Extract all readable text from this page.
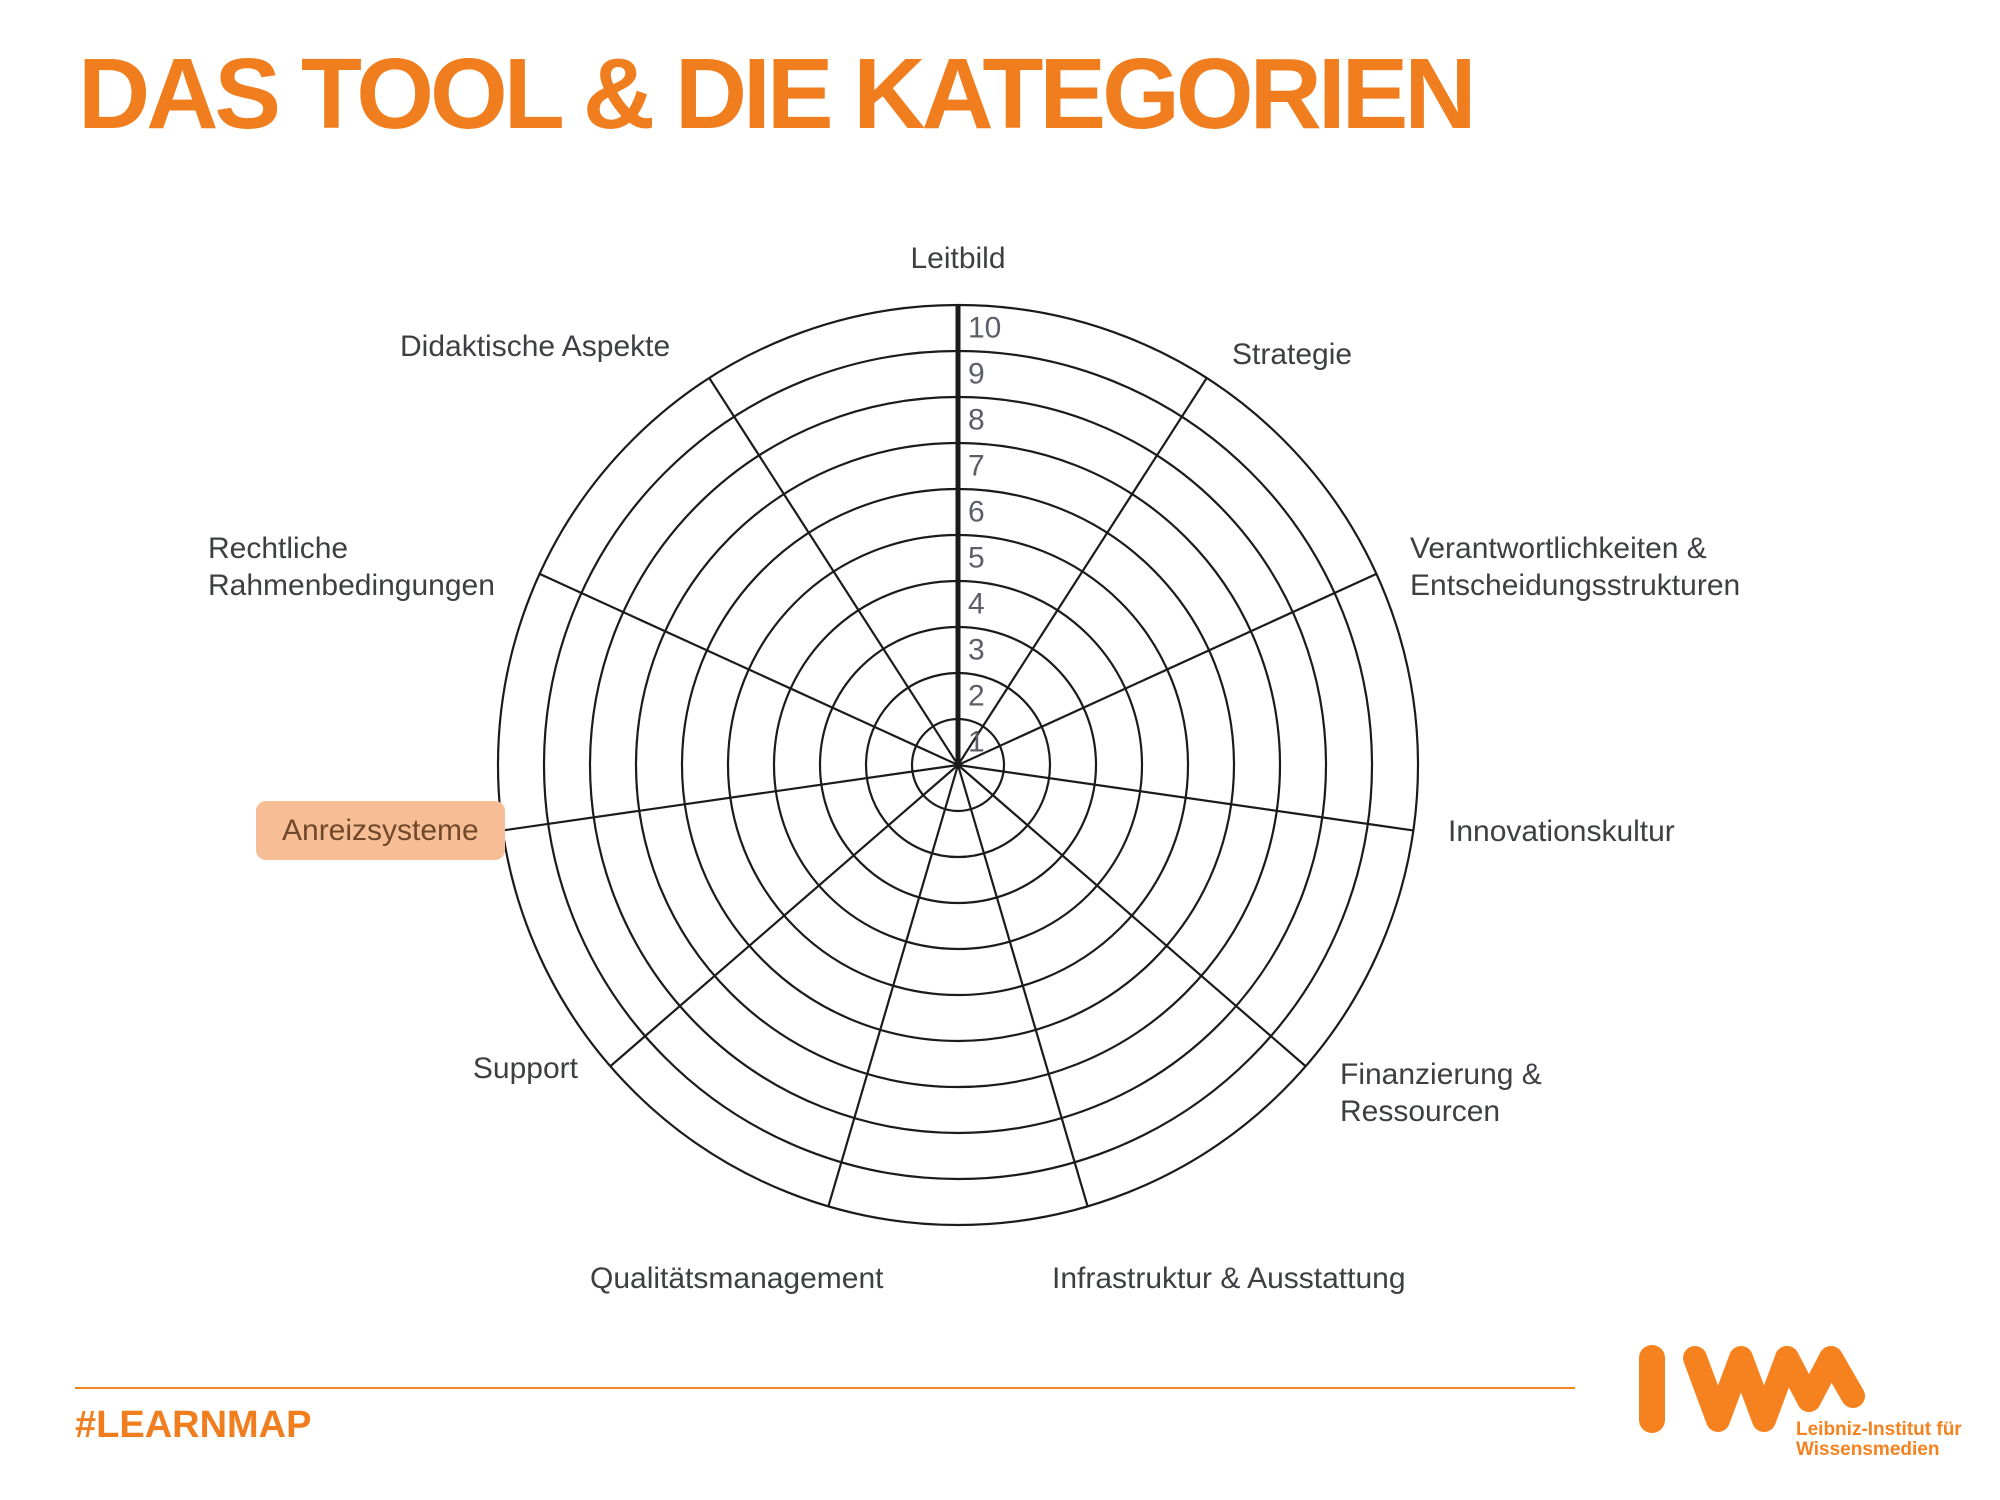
DAS TOOL & DIE KATEGORIEN
1
2
3
4
5
6
7
8
9
10
Leitbild
Strategie
Verantwortlichkeiten &
Entscheidungsstrukturen
Innovationskultur
Finanzierung &
Ressourcen
Infrastruktur & Ausstattung
Qualitätsmanagement
Support
Anreizsysteme
Rechtliche
Rahmenbedingungen
Didaktische Aspekte
#LEARNMAP	Leibniz-Institut für
Wissensmedien
